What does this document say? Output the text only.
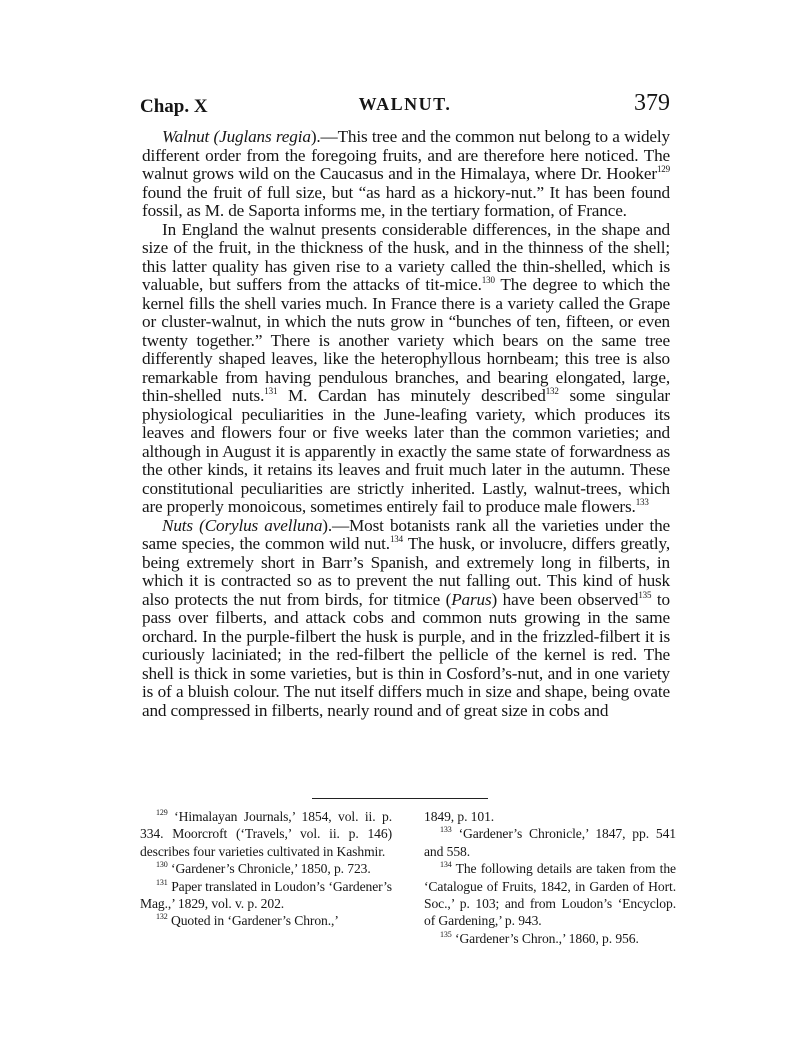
Chap. X	WALNUT.	379

Walnut (Juglans regia).—This tree and the common nut belong to a widely different order from the foregoing fruits, and are therefore here noticed. The walnut grows wild on the Caucasus and in the Himalaya, where Dr. Hooker$^{129}$ found the fruit of full size, but “as hard as a hickory-nut.” It has been found fossil, as M. de Saporta informs me, in the tertiary formation, of France.

In England the walnut presents considerable differences, in the shape and size of the fruit, in the thickness of the husk, and in the thinness of the shell; this latter quality has given rise to a variety called the thin-shelled, which is valuable, but suffers from the attacks of tit-mice.$^{130}$ The degree to which the kernel fills the shell varies much. In France there is a variety called the Grape or cluster-walnut, in which the nuts grow in “bunches of ten, fifteen, or even twenty together.” There is another variety which bears on the same tree differently shaped leaves, like the heterophyllous hornbeam; this tree is also remarkable from having pendulous branches, and bearing elongated, large, thin-shelled nuts.$^{131}$ M. Cardan has minutely described$^{132}$ some singular physiological peculiarities in the June-leafing variety, which produces its leaves and flowers four or five weeks later than the common varieties; and although in August it is apparently in exactly the same state of forwardness as the other kinds, it retains its leaves and fruit much later in the autumn. These constitutional peculiarities are strictly inherited. Lastly, walnut-trees, which are properly monoicous, sometimes entirely fail to produce male flowers.$^{133}$

Nuts (Corylus avelluna).—Most botanists rank all the varieties under the same species, the common wild nut.$^{134}$ The husk, or involucre, differs greatly, being extremely short in Barr’s Spanish, and extremely long in filberts, in which it is contracted so as to prevent the nut falling out. This kind of husk also protects the nut from birds, for titmice (Parus) have been observed$^{135}$ to pass over filberts, and attack cobs and common nuts growing in the same orchard. In the purple-filbert the husk is purple, and in the frizzled-filbert it is curiously laciniated; in the red-filbert the pellicle of the kernel is red. The shell is thick in some varieties, but is thin in Cosford’s-nut, and in one variety is of a bluish colour. The nut itself differs much in size and shape, being ovate and compressed in filberts, nearly round and of great size in cobs and

$^{129}$ ‘Himalayan Journals,’ 1854, vol. ii. p. 334. Moorcroft (‘Travels,’ vol. ii. p. 146) describes four varieties cultivated in Kashmir.

$^{130}$ ‘Gardener’s Chronicle,’ 1850, p. 723.

$^{131}$ Paper translated in Loudon’s ‘Gardener’s Mag.,’ 1829, vol. v. p. 202.

$^{132}$ Quoted in ‘Gardener’s Chron.,’

1849, p. 101.

$^{133}$ ‘Gardener’s Chronicle,’ 1847, pp. 541 and 558.

$^{134}$ The following details are taken from the ‘Catalogue of Fruits, 1842, in Garden of Hort. Soc.,’ p. 103; and from Loudon’s ‘Encyclop. of Gardening,’ p. 943.

$^{135}$ ‘Gardener’s Chron.,’ 1860, p. 956.
